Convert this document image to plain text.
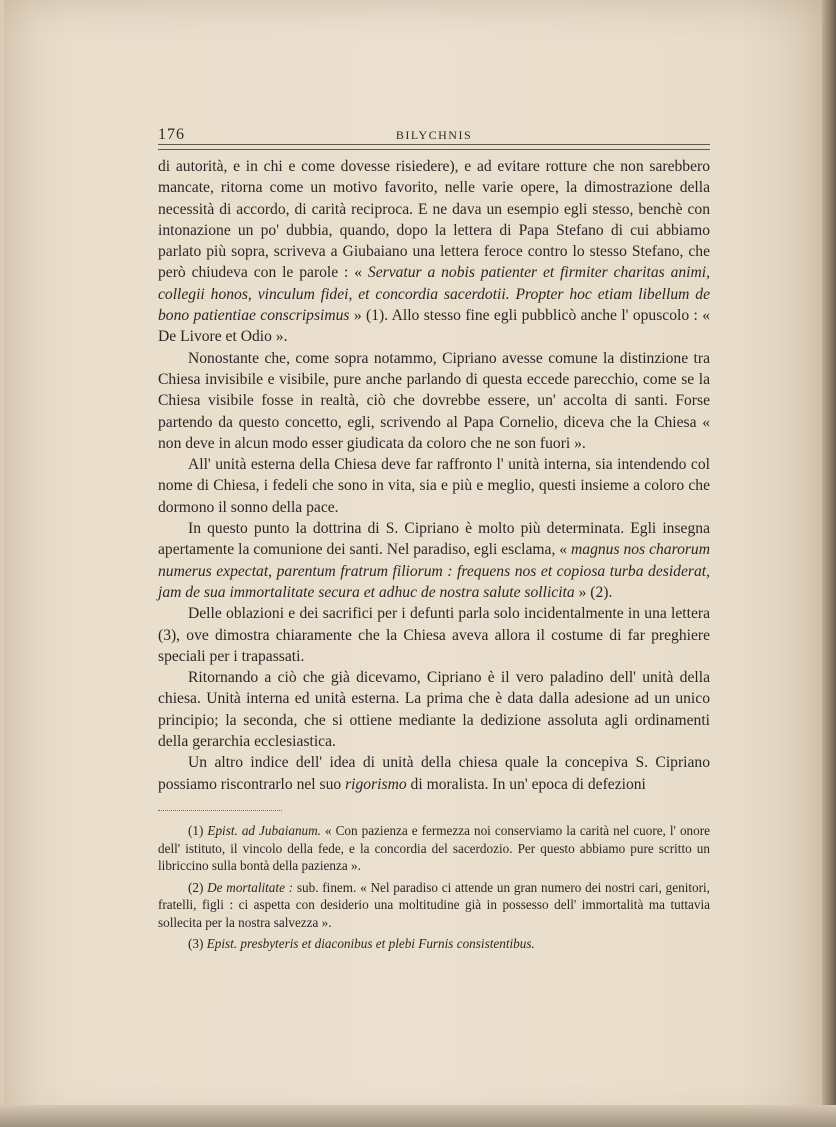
176	BILYCHNIS

di autorità, e in chi e come dovesse risiedere), e ad evitare rotture che non sarebbero mancate, ritorna come un motivo favorito, nelle varie opere, la dimostrazione della necessità di accordo, di carità reciproca. E ne dava un esempio egli stesso, benchè con intonazione un po' dubbia, quando, dopo la lettera di Papa Stefano di cui abbiamo parlato più sopra, scriveva a Giubaiano una lettera feroce contro lo stesso Stefano, che però chiudeva con le parole : « Servatur a nobis patienter et firmiter charitas animi, collegii honos, vinculum fidei, et concordia sacerdotii. Propter hoc etiam libellum de bono patientiae conscripsimus » (1). Allo stesso fine egli pubblicò anche l' opuscolo : « De Livore et Odio ».

Nonostante che, come sopra notammo, Cipriano avesse comune la distinzione tra Chiesa invisibile e visibile, pure anche parlando di questa eccede parecchio, come se la Chiesa visibile fosse in realtà, ciò che dovrebbe essere, un' accolta di santi. Forse partendo da questo concetto, egli, scrivendo al Papa Cornelio, diceva che la Chiesa « non deve in alcun modo esser giudicata da coloro che ne son fuori ».

All' unità esterna della Chiesa deve far raffronto l' unità interna, sia intendendo col nome di Chiesa, i fedeli che sono in vita, sia e più e meglio, questi insieme a coloro che dormono il sonno della pace.

In questo punto la dottrina di S. Cipriano è molto più determinata. Egli insegna apertamente la comunione dei santi. Nel paradiso, egli esclama, « magnus nos charorum numerus expectat, parentum fratrum filiorum : frequens nos et copiosa turba desiderat, jam de sua immortalitate secura et adhuc de nostra salute sollicita » (2).

Delle oblazioni e dei sacrifici per i defunti parla solo incidentalmente in una lettera (3), ove dimostra chiaramente che la Chiesa aveva allora il costume di far preghiere speciali per i trapassati.

Ritornando a ciò che già dicevamo, Cipriano è il vero paladino dell' unità della chiesa. Unità interna ed unità esterna. La prima che è data dalla adesione ad un unico principio; la seconda, che si ottiene mediante la dedizione assoluta agli ordinamenti della gerarchia ecclesiastica.

Un altro indice dell' idea di unità della chiesa quale la concepiva S. Cipriano possiamo riscontrarlo nel suo rigorismo di moralista. In un' epoca di defezioni

(1) Epist. ad Jubaianum. « Con pazienza e fermezza noi conserviamo la carità nel cuore, l' onore dell' istituto, il vincolo della fede, e la concordia del sacerdozio. Per questo abbiamo pure scritto un libriccino sulla bontà della pazienza ».

(2) De mortalitate : sub. finem. « Nel paradiso ci attende un gran numero dei nostri cari, genitori, fratelli, figli : ci aspetta con desiderio una moltitudine già in possesso dell' immortalità ma tuttavia sollecita per la nostra salvezza ».

(3) Epist. presbyteris et diaconibus et plebi Furnis consistentibus.
